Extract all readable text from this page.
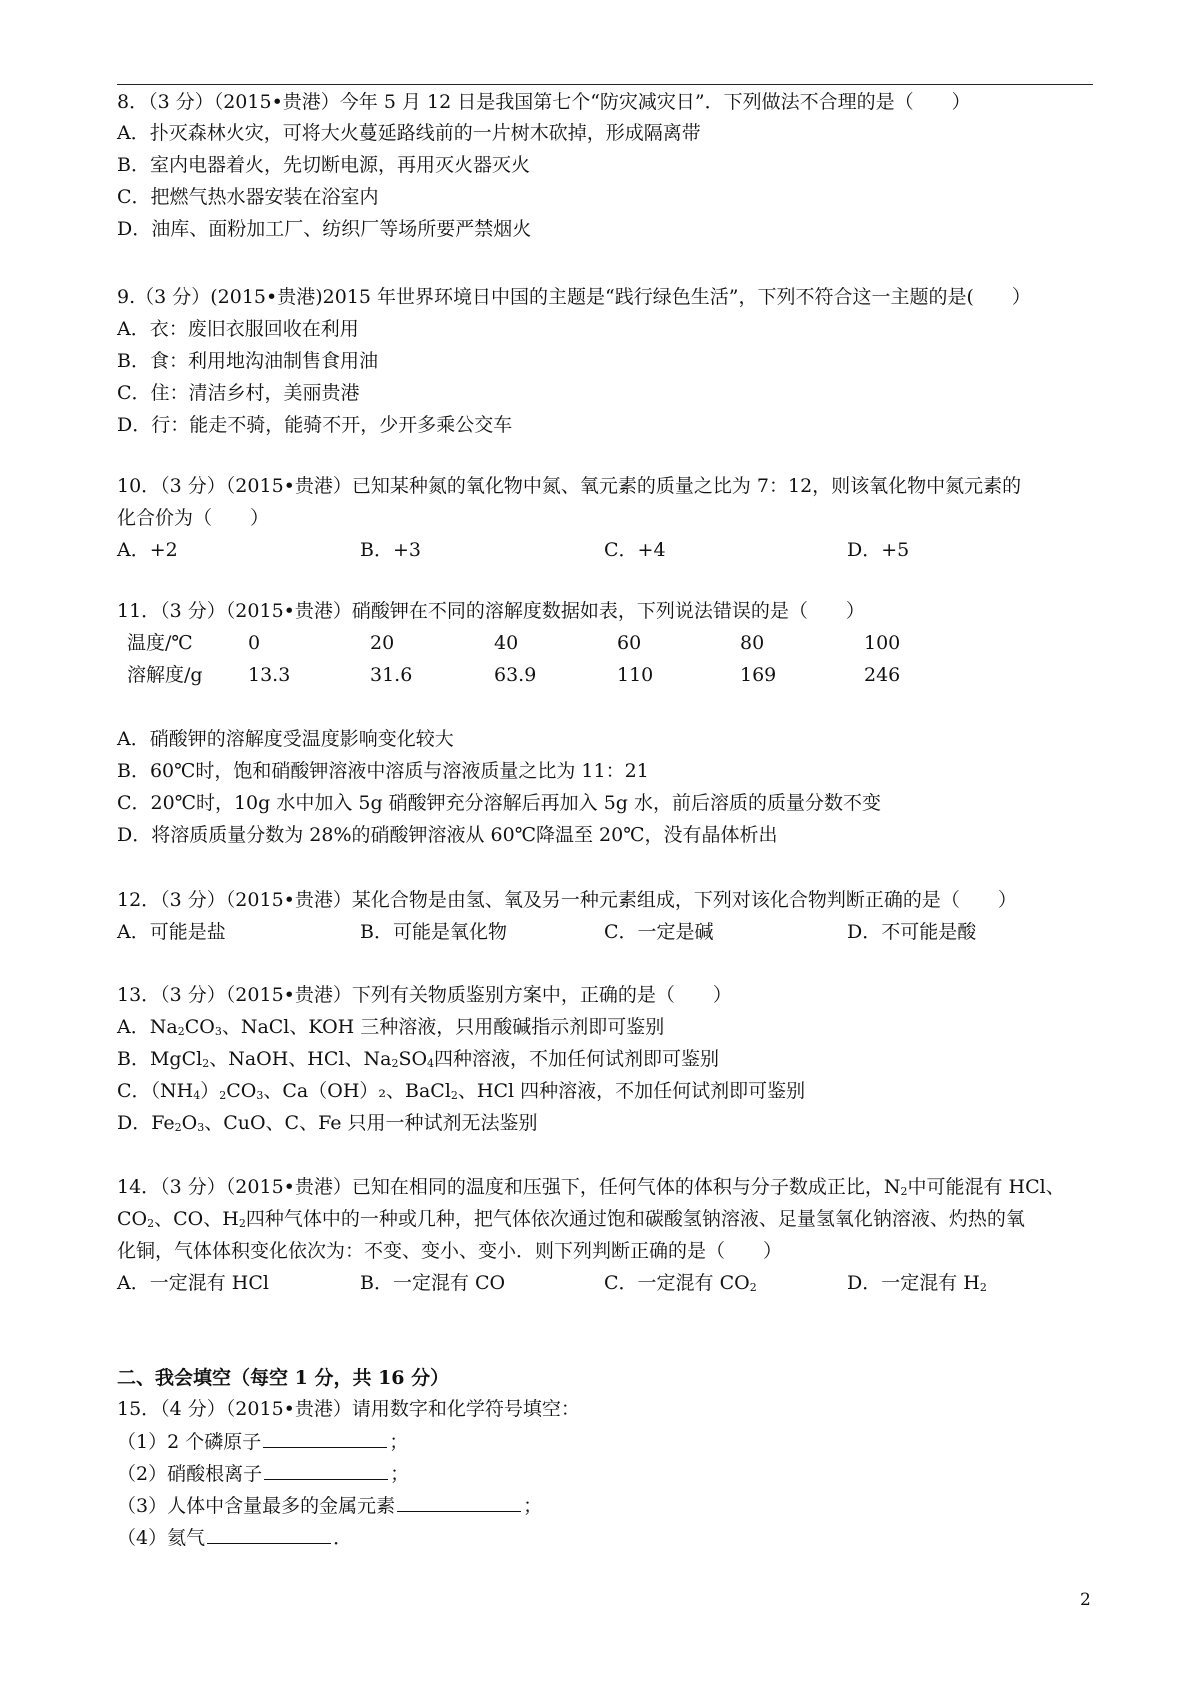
8．（3 分）（2015•贵港）今年 5 月 12 日是我国第七个“防灾减灾日”．下列做法不合理的是（　　）
A．扑灭森林火灾，可将大火蔓延路线前的一片树木砍掉，形成隔离带
B．室内电器着火，先切断电源，再用灭火器灭火
C．把燃气热水器安装在浴室内
D．油库、面粉加工厂、纺织厂等场所要严禁烟火
9.（3 分）(2015•贵港)2015 年世界环境日中国的主题是“践行绿色生活”，下列不符合这一主题的是(　　）
A．衣：废旧衣服回收在利用
B．食：利用地沟油制售食用油
C．住：清洁乡村，美丽贵港
D．行：能走不骑，能骑不开，少开多乘公交车
10．（3 分）（2015•贵港）已知某种氮的氧化物中氮、氧元素的质量之比为 7：12，则该氧化物中氮元素的
化合价为（　　）
A．+2	B．+3	C．+4	D．+5
11．（3 分）（2015•贵港）硝酸钾在不同的溶解度数据如表，下列说法错误的是（　　）
温度/℃	0	20	40	60	80	100
溶解度/g 13.3	31.6	63.9	110	169	246
A．硝酸钾的溶解度受温度影响变化较大
B．60℃时，饱和硝酸钾溶液中溶质与溶液质量之比为 11：21
C．20℃时，10g 水中加入 5g 硝酸钾充分溶解后再加入 5g 水，前后溶质的质量分数不变
D．将溶质质量分数为 28%的硝酸钾溶液从 60℃降温至 20℃，没有晶体析出
12．（3 分）（2015•贵港）某化合物是由氢、氧及另一种元素组成，下列对该化合物判断正确的是（　　）
A．可能是盐	B．可能是氧化物	C．一定是碱	D．不可能是酸
13．（3 分）（2015•贵港）下列有关物质鉴别方案中，正确的是（　　）
A．$Na_2CO_3$、NaCl、KOH 三种溶液，只用酸碱指示剂即可鉴别
B．MgCl$_2$、NaOH、HCl、$Na_2SO_4$四种溶液，不加任何试剂即可鉴别
C．$(NH_4)_2CO_3$、Ca（OH）₂、BaCl$_2$、HCl 四种溶液，不加任何试剂即可鉴别
D．$Fe_2O_3$、CuO、C、Fe 只用一种试剂无法鉴别
14．（3 分）（2015•贵港）已知在相同的温度和压强下，任何气体的体积与分子数成正比，$N_2$中可能混有 HCl、
$CO_2$、CO、$H_2$四种气体中的一种或几种，把气体依次通过饱和碳酸氢钠溶液、足量氢氧化钠溶液、灼热的氧
化铜，气体体积变化依次为：不变、变小、变小．则下列判断正确的是（　　）
A．一定混有 HCl	B．一定混有 CO	C．一定混有 $CO_2$	D．一定混有 $H_2$
二、我会填空（每空 1 分，共 16 分）
15．（4 分）（2015•贵港）请用数字和化学符号填空：
（1）2 个磷原子	；
（2）硝酸根离子	；
（3）人体中含量最多的金属元素	；
（4）氦气	．
2
